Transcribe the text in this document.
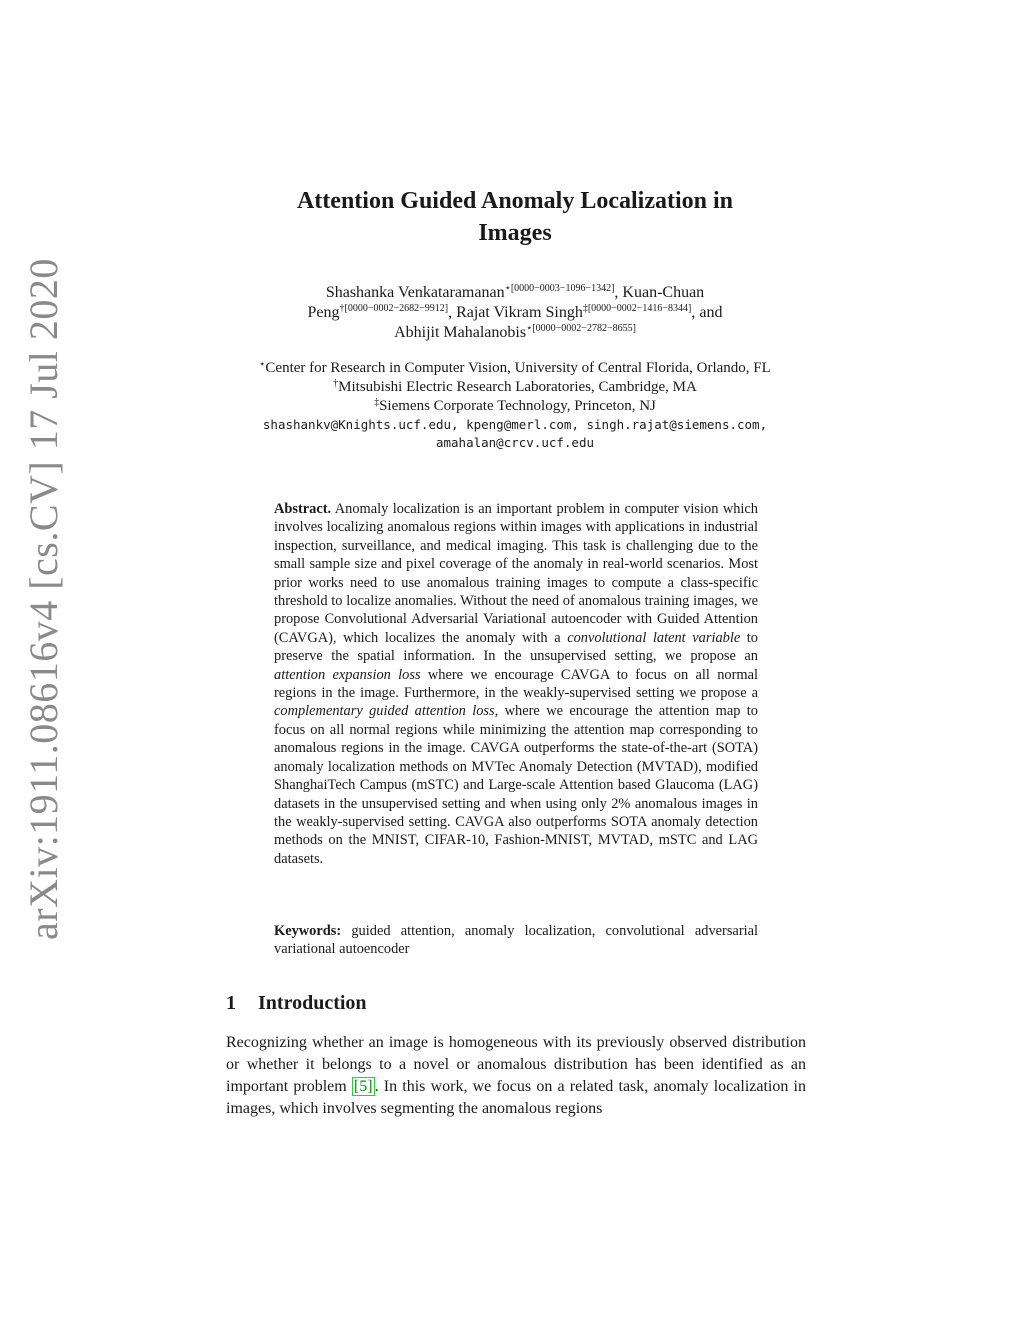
arXiv:1911.08616v4 [cs.CV] 17 Jul 2020
Attention Guided Anomaly Localization in
Images
Shashanka Venkataramanan$^{⋆[0000-0003-1096-1342]}$, Kuan-Chuan
Peng$^{\dagger[0000-0002-2682-9912]}$, Rajat Vikram Singh$^{\ddagger[0000-0002-1416-8344]}$, and
Abhijit Mahalanobis$^{⋆[0000-0002-2782-8655]}$
⋆Center for Research in Computer Vision, University of Central Florida, Orlando, FL
†Mitsubishi Electric Research Laboratories, Cambridge, MA
‡Siemens Corporate Technology, Princeton, NJ
shashankv@Knights.ucf.edu, kpeng@merl.com, singh.rajat@siemens.com,
amahalan@crcv.ucf.edu
Abstract. Anomaly localization is an important problem in computer vision which involves localizing anomalous regions within images with applications in industrial inspection, surveillance, and medical imaging. This task is challenging due to the small sample size and pixel coverage of the anomaly in real-world scenarios. Most prior works need to use anomalous training images to compute a class-specific threshold to localize anomalies. Without the need of anomalous training images, we propose Convolutional Adversarial Variational autoencoder with Guided Attention (CAVGA), which localizes the anomaly with a convolutional latent variable to preserve the spatial information. In the unsupervised setting, we propose an attention expansion loss where we encourage CAVGA to focus on all normal regions in the image. Furthermore, in the weakly-supervised setting we propose a complementary guided attention loss, where we encourage the attention map to focus on all normal regions while minimizing the attention map corresponding to anomalous regions in the image. CAVGA outperforms the state-of-the-art (SOTA) anomaly localization methods on MVTec Anomaly Detection (MVTAD), modified ShanghaiTech Campus (mSTC) and Large-scale Attention based Glaucoma (LAG) datasets in the unsupervised setting and when using only 2% anomalous images in the weakly-supervised setting. CAVGA also outperforms SOTA anomaly detection methods on the MNIST, CIFAR-10, Fashion-MNIST, MVTAD, mSTC and LAG datasets.
Keywords: guided attention, anomaly localization, convolutional adversarial variational autoencoder
1 Introduction
Recognizing whether an image is homogeneous with its previously observed distribution or whether it belongs to a novel or anomalous distribution has been identified as an important problem [5] . In this work, we focus on a related task, anomaly localization in images, which involves segmenting the anomalous regions
